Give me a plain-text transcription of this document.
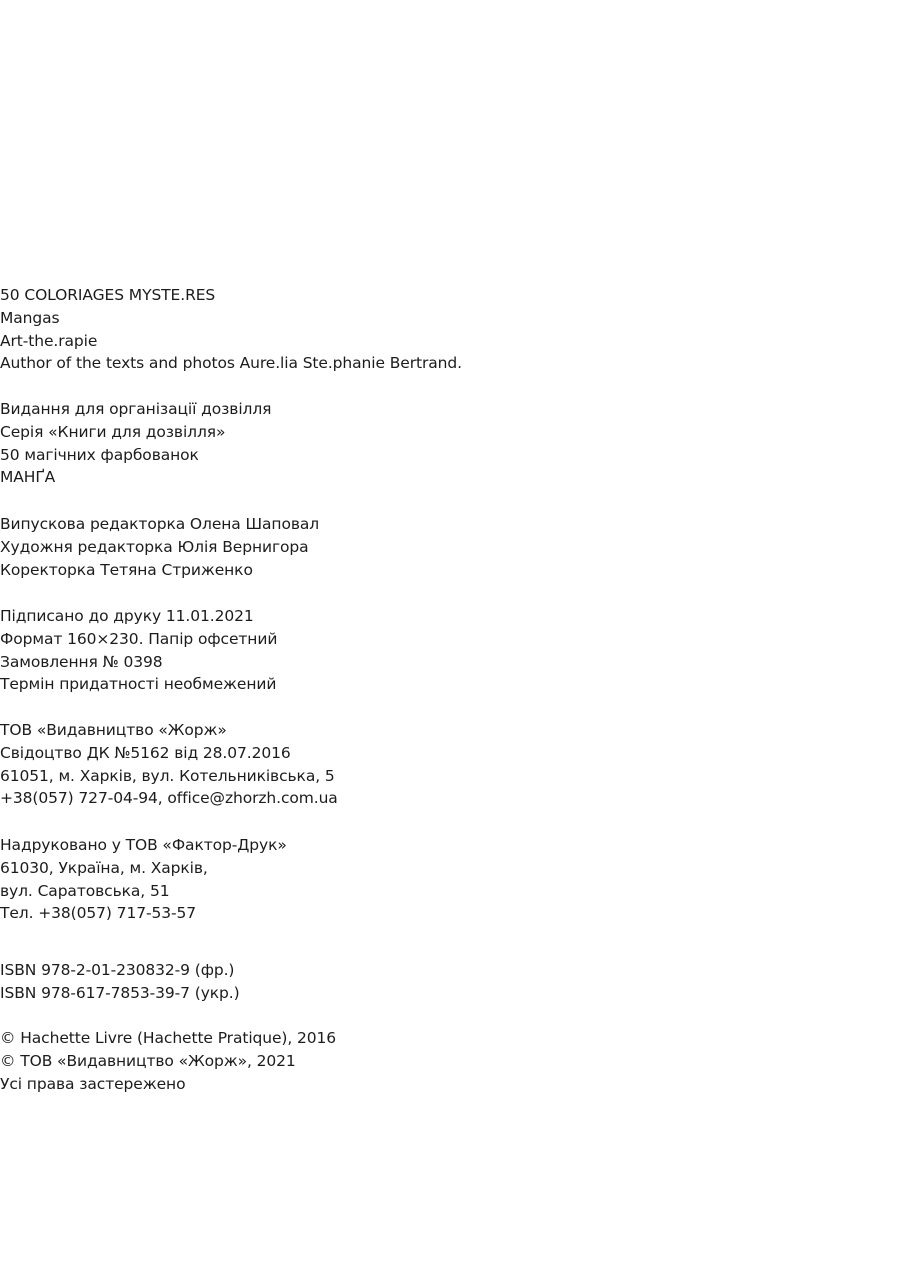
50 COLORIAGES MYSTE.RES
Mangas
Art-the.rapie
Author of the texts and photos Aure.lia Ste.phanie Bertrand.
Видання для організації дозвілля
Серія «Книги для дозвілля»
50 магічних фарбованок
МАНҐА
Випускова редакторка Олена Шаповал
Художня редакторка Юлія Вернигора
Коректорка Тетяна Стриженко
Підписано до друку 11.01.2021
Формат 160×230. Папір офсетний
Замовлення № 0398
Термін придатності необмежений
ТОВ «Видавництво «Жорж»
Свідоцтво ДК №5162 від 28.07.2016
61051, м. Харків, вул. Котельниківська, 5
+38(057) 727-04-94, office@zhorzh.com.ua
Надруковано у ТОВ «Фактор-Друк»
61030, Україна, м. Харків,
вул. Саратовська, 51
Тел. +38(057) 717-53-57
ISBN 978-2-01-230832-9 (фр.)
ISBN 978-617-7853-39-7 (укр.)
© Hachette Livre (Hachette Pratique), 2016
© ТОВ «Видавництво «Жорж», 2021
Усі права застережено
